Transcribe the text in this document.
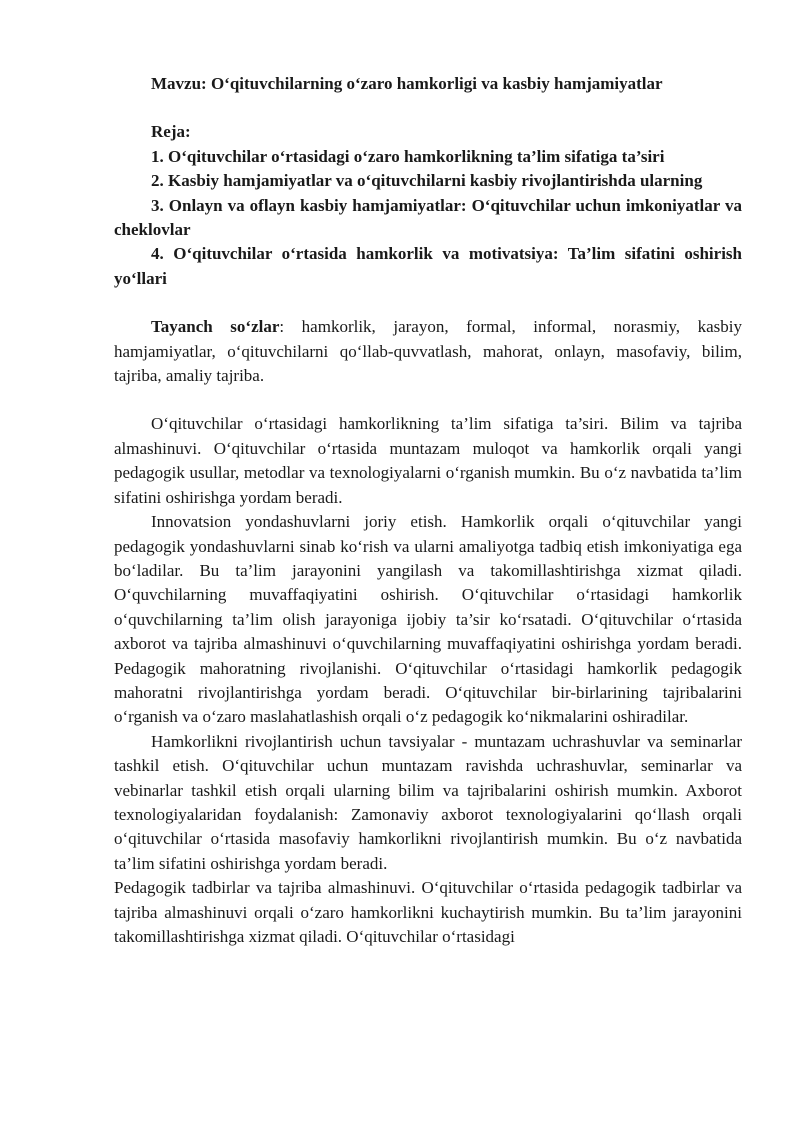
Mavzu: O‘qituvchilarning o‘zaro hamkorligi va kasbiy hamjamiyatlar

Reja:

1. O‘qituvchilar o‘rtasidagi o‘zaro hamkorlikning ta’lim sifatiga ta’siri

2. Kasbiy hamjamiyatlar va o‘qituvchilarni kasbiy rivojlantirishda ularning

3. Onlayn va oflayn kasbiy hamjamiyatlar: O‘qituvchilar uchun imkoniyatlar va cheklovlar

4. O‘qituvchilar o‘rtasida hamkorlik va motivatsiya: Ta’lim sifatini oshirish yo‘llari

Tayanch so‘zlar: hamkorlik, jarayon, formal, informal, norasmiy, kasbiy hamjamiyatlar, o‘qituvchilarni qo‘llab-quvvatlash, mahorat, onlayn, masofaviy, bilim, tajriba, amaliy tajriba.

O‘qituvchilar o‘rtasidagi hamkorlikning ta’lim sifatiga ta’siri. Bilim va tajriba almashinuvi. O‘qituvchilar o‘rtasida muntazam muloqot va hamkorlik orqali yangi pedagogik usullar, metodlar va texnologiyalarni o‘rganish mumkin. Bu o‘z navbatida ta’lim sifatini oshirishga yordam beradi.

Innovatsion yondashuvlarni joriy etish. Hamkorlik orqali o‘qituvchilar yangi pedagogik yondashuvlarni sinab ko‘rish va ularni amaliyotga tadbiq etish imkoniyatiga ega bo‘ladilar. Bu ta’lim jarayonini yangilash va takomillashtirishga xizmat qiladi. O‘quvchilarning muvaffaqiyatini oshirish. O‘qituvchilar o‘rtasidagi hamkorlik o‘quvchilarning ta’lim olish jarayoniga ijobiy ta’sir ko‘rsatadi. O‘qituvchilar o‘rtasida axborot va tajriba almashinuvi o‘quvchilarning muvaffaqiyatini oshirishga yordam beradi. Pedagogik mahoratning rivojlanishi. O‘qituvchilar o‘rtasidagi hamkorlik pedagogik mahoratni rivojlantirishga yordam beradi. O‘qituvchilar bir-birlarining tajribalarini o‘rganish va o‘zaro maslahatlashish orqali o‘z pedagogik ko‘nikmalarini oshiradilar.

Hamkorlikni rivojlantirish uchun tavsiyalar - muntazam uchrashuvlar va seminarlar tashkil etish. O‘qituvchilar uchun muntazam ravishda uchrashuvlar, seminarlar va vebinarlar tashkil etish orqali ularning bilim va tajribalarini oshirish mumkin. Axborot texnologiyalaridan foydalanish: Zamonaviy axborot texnologiyalarini qo‘llash orqali o‘qituvchilar o‘rtasida masofaviy hamkorlikni rivojlantirish mumkin. Bu o‘z navbatida ta’lim sifatini oshirishga yordam beradi.

Pedagogik tadbirlar va tajriba almashinuvi. O‘qituvchilar o‘rtasida pedagogik tadbirlar va tajriba almashinuvi orqali o‘zaro hamkorlikni kuchaytirish mumkin. Bu ta’lim jarayonini takomillashtirishga xizmat qiladi. O‘qituvchilar o‘rtasidagi
